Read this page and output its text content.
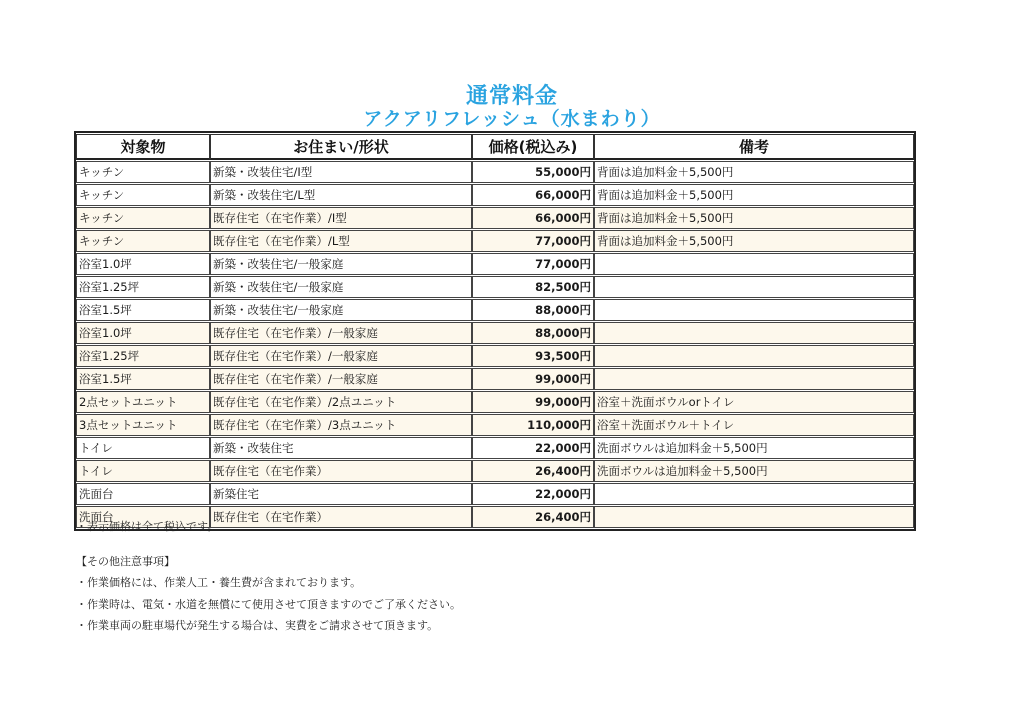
通常料金
アクアリフレッシュ（水まわり）
対象物	お住まい/形状	価格(税込み)	備考
キッチン	新築・改装住宅/I型	55,000円	背面は追加料金＋5,500円
キッチン	新築・改装住宅/L型	66,000円	背面は追加料金＋5,500円
キッチン	既存住宅（在宅作業）/I型	66,000円	背面は追加料金＋5,500円
キッチン	既存住宅（在宅作業）/L型	77,000円	背面は追加料金＋5,500円
浴室1.0坪	新築・改装住宅/一般家庭	77,000円	
浴室1.25坪	新築・改装住宅/一般家庭	82,500円	
浴室1.5坪	新築・改装住宅/一般家庭	88,000円	
浴室1.0坪	既存住宅（在宅作業）/一般家庭	88,000円	
浴室1.25坪	既存住宅（在宅作業）/一般家庭	93,500円	
浴室1.5坪	既存住宅（在宅作業）/一般家庭	99,000円	
2点セットユニット	既存住宅（在宅作業）/2点ユニット	99,000円	浴室＋洗面ボウルorトイレ
3点セットユニット	既存住宅（在宅作業）/3点ユニット	110,000円	浴室＋洗面ボウル＋トイレ
トイレ	新築・改装住宅	22,000円	洗面ボウルは追加料金＋5,500円
トイレ	既存住宅（在宅作業）	26,400円	洗面ボウルは追加料金＋5,500円
洗面台	新築住宅	22,000円	
洗面台	既存住宅（在宅作業）	26,400円	
・表示価格は全て税込です。
【その他注意事項】
・作業価格には、作業人工・養生費が含まれております。
・作業時は、電気・水道を無償にて使用させて頂きますのでご了承ください。
・作業車両の駐車場代が発生する場合は、実費をご請求させて頂きます。
